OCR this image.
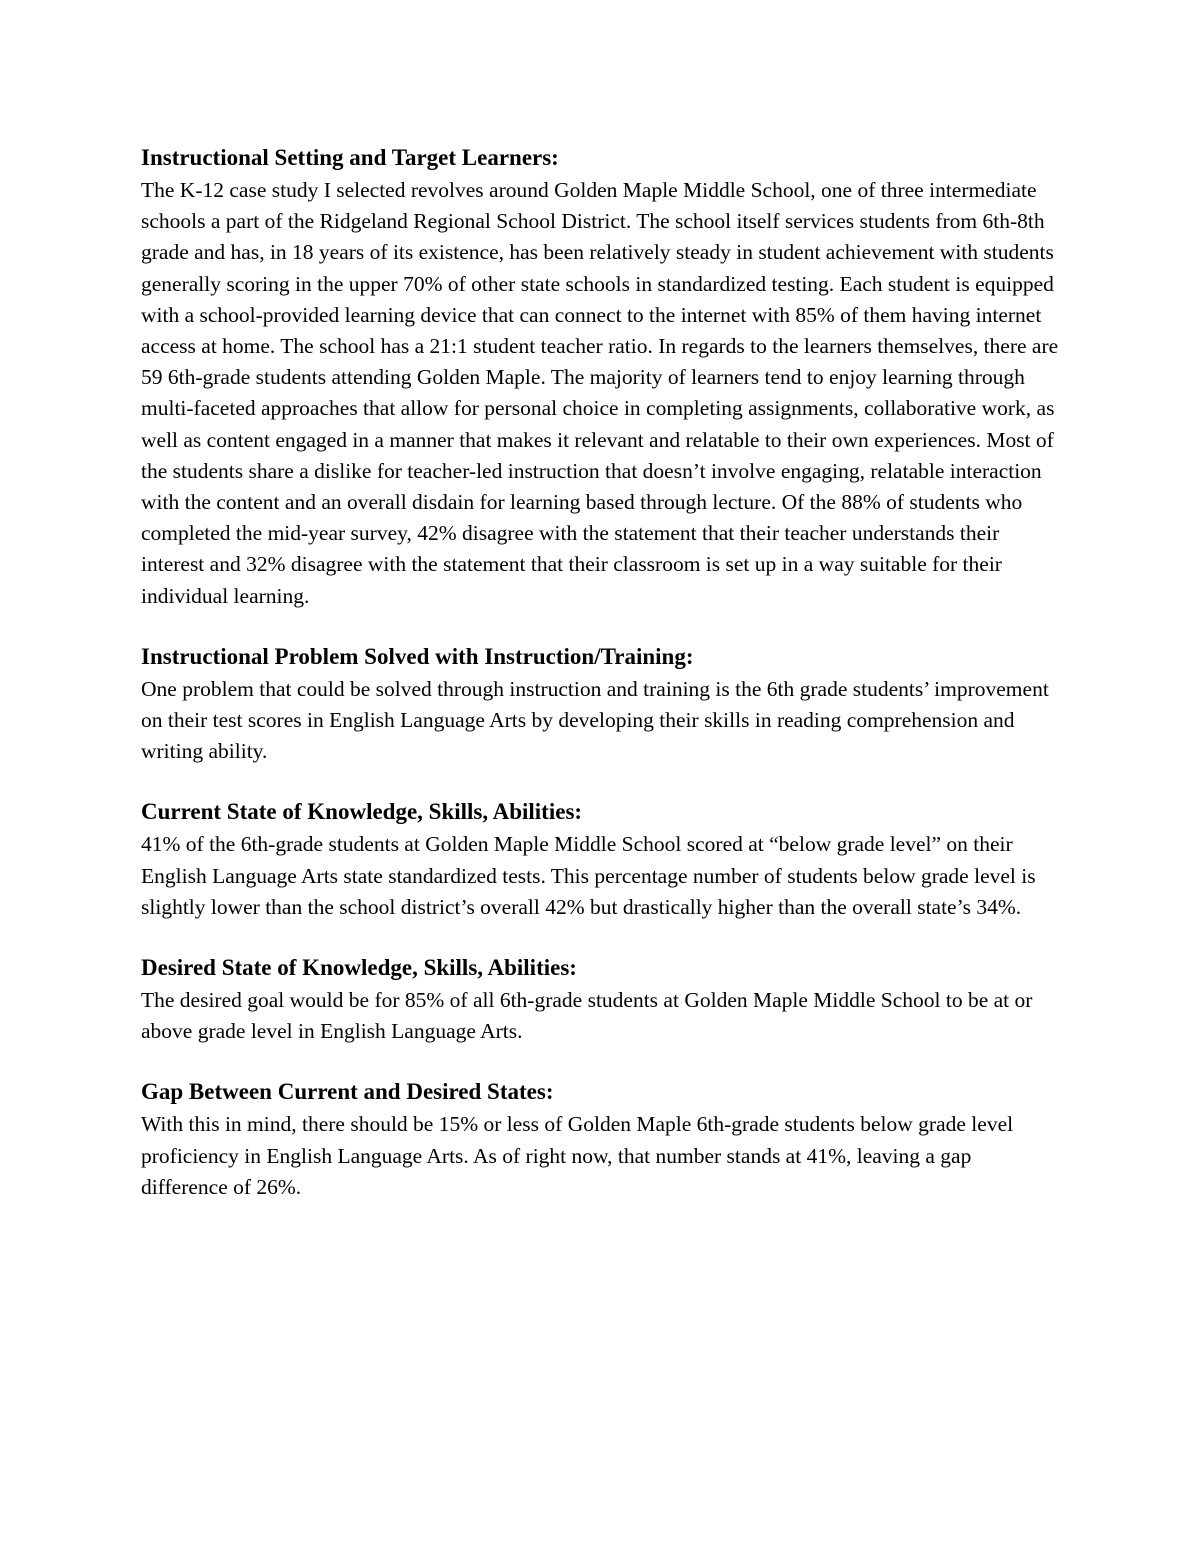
Instructional Setting and Target Learners:

The K-12 case study I selected revolves around Golden Maple Middle School, one of three intermediate schools a part of the Ridgeland Regional School District. The school itself services students from 6th-8th grade and has, in 18 years of its existence, has been relatively steady in student achievement with students generally scoring in the upper 70% of other state schools in standardized testing. Each student is equipped with a school-provided learning device that can connect to the internet with 85% of them having internet access at home. The school has a 21:1 student teacher ratio. In regards to the learners themselves, there are 59 6th-grade students attending Golden Maple. The majority of learners tend to enjoy learning through multi-faceted approaches that allow for personal choice in completing assignments, collaborative work, as well as content engaged in a manner that makes it relevant and relatable to their own experiences. Most of the students share a dislike for teacher-led instruction that doesn’t involve engaging, relatable interaction with the content and an overall disdain for learning based through lecture. Of the 88% of students who completed the mid-year survey, 42% disagree with the statement that their teacher understands their interest and 32% disagree with the statement that their classroom is set up in a way suitable for their individual learning.

Instructional Problem Solved with Instruction/Training:

One problem that could be solved through instruction and training is the 6th grade students’ improvement on their test scores in English Language Arts by developing their skills in reading comprehension and writing ability.

Current State of Knowledge, Skills, Abilities:

41% of the 6th-grade students at Golden Maple Middle School scored at “below grade level” on their English Language Arts state standardized tests. This percentage number of students below grade level is slightly lower than the school district’s overall 42% but drastically higher than the overall state’s 34%.

Desired State of Knowledge, Skills, Abilities:

The desired goal would be for 85% of all 6th-grade students at Golden Maple Middle School to be at or above grade level in English Language Arts.

Gap Between Current and Desired States:

With this in mind, there should be 15% or less of Golden Maple 6th-grade students below grade level proficiency in English Language Arts. As of right now, that number stands at 41%, leaving a gap difference of 26%.
